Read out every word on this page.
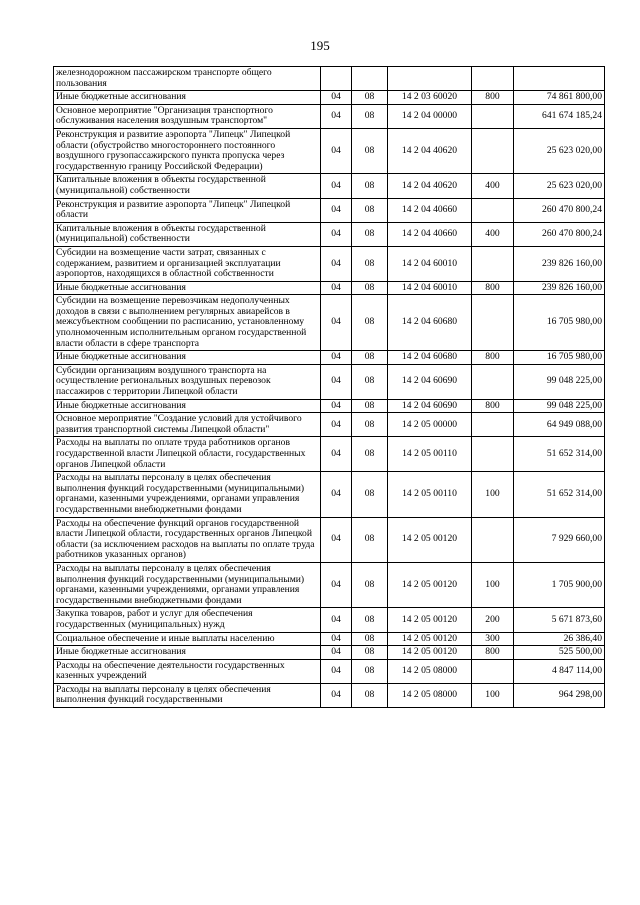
195
железнодорожном пассажирском транспорте общего пользования					
Иные бюджетные ассигнования	04	08	14 2 03 60020	800	74 861 800,00
Основное мероприятие "Организация транспортного обслуживания населения воздушным транспортом"	04	08	14 2 04 00000		641 674 185,24
Реконструкция и развитие аэропорта "Липецк" Липецкой области (обустройство многостороннего постоянного воздушного грузопассажирского пункта пропуска через государственную границу Российской Федерации)	04	08	14 2 04 40620		25 623 020,00
Капитальные вложения в объекты государственной (муниципальной) собственности	04	08	14 2 04 40620	400	25 623 020,00
Реконструкция и развитие аэропорта "Липецк" Липецкой области	04	08	14 2 04 40660		260 470 800,24
Капитальные вложения в объекты государственной (муниципальной) собственности	04	08	14 2 04 40660	400	260 470 800,24
Субсидии на возмещение части затрат, связанных с содержанием, развитием и организацией эксплуатации аэропортов, находящихся в областной собственности	04	08	14 2 04 60010		239 826 160,00
Иные бюджетные ассигнования	04	08	14 2 04 60010	800	239 826 160,00
Субсидии на возмещение перевозчикам недополученных доходов в связи с выполнением регулярных авиарейсов в межсубъектном сообщении по расписанию, установленному уполномоченным исполнительным органом государственной власти области в сфере транспорта	04	08	14 2 04 60680		16 705 980,00
Иные бюджетные ассигнования	04	08	14 2 04 60680	800	16 705 980,00
Субсидии организациям воздушного транспорта на осуществление региональных воздушных перевозок пассажиров с территории Липецкой области	04	08	14 2 04 60690		99 048 225,00
Иные бюджетные ассигнования	04	08	14 2 04 60690	800	99 048 225,00
Основное мероприятие "Создание условий для устойчивого развития транспортной системы Липецкой области"	04	08	14 2 05 00000		64 949 088,00
Расходы на выплаты по оплате труда работников органов государственной власти Липецкой области, государственных органов Липецкой области	04	08	14 2 05 00110		51 652 314,00
Расходы на выплаты персоналу в целях обеспечения выполнения функций государственными (муниципальными) органами, казенными учреждениями, органами управления государственными внебюджетными фондами	04	08	14 2 05 00110	100	51 652 314,00
Расходы на обеспечение функций органов государственной власти Липецкой области, государственных органов Липецкой области (за исключением расходов на выплаты по оплате труда работников указанных органов)	04	08	14 2 05 00120		7 929 660,00
Расходы на выплаты персоналу в целях обеспечения выполнения функций государственными (муниципальными) органами, казенными учреждениями, органами управления государственными внебюджетными фондами	04	08	14 2 05 00120	100	1 705 900,00
Закупка товаров, работ и услуг для обеспечения государственных (муниципальных) нужд	04	08	14 2 05 00120	200	5 671 873,60
Социальное обеспечение и иные выплаты населению	04	08	14 2 05 00120	300	26 386,40
Иные бюджетные ассигнования	04	08	14 2 05 00120	800	525 500,00
Расходы на обеспечение деятельности государственных казенных учреждений	04	08	14 2 05 08000		4 847 114,00
Расходы на выплаты персоналу в целях обеспечения выполнения функций государственными	04	08	14 2 05 08000	100	964 298,00
